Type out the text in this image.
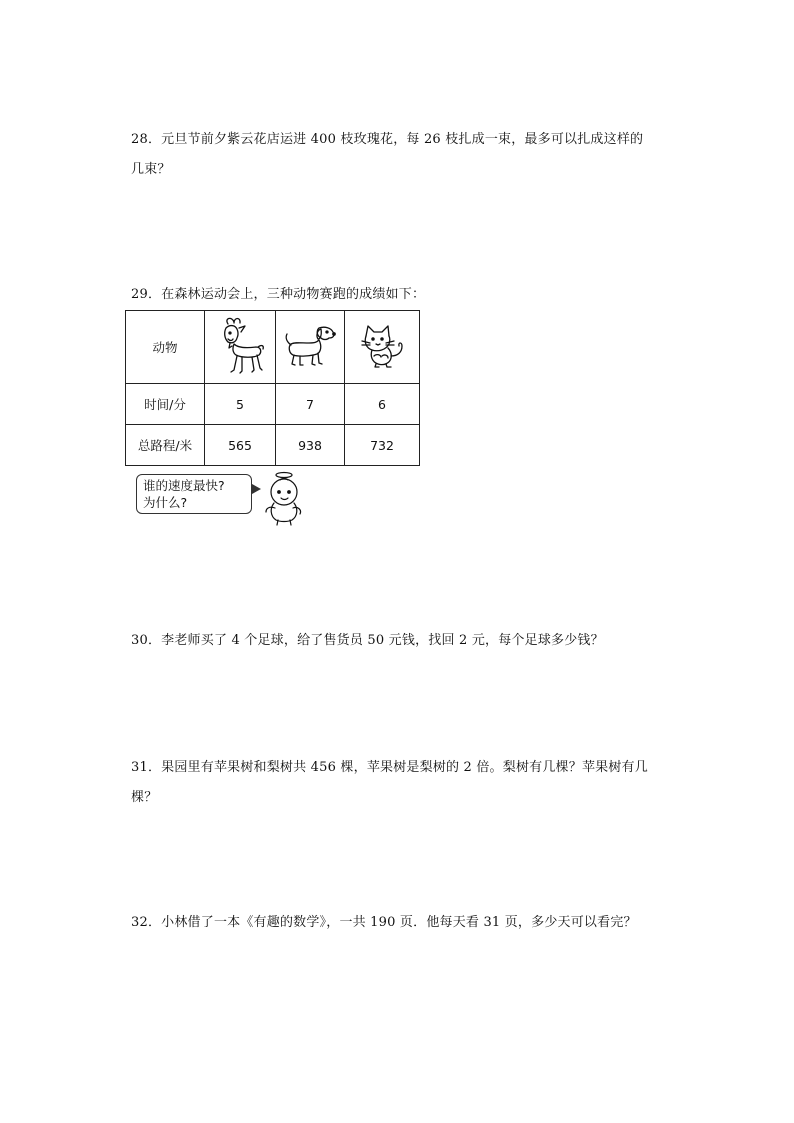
28．元旦节前夕紫云花店运进 400 枝玫瑰花，每 26 枝扎成一束，最多可以扎成这样的
几束？
29．在森林运动会上，三种动物赛跑的成绩如下：
动物			
时间/分	5	7	6
总路程/米	565	938	732
谁的速度最快?
为什么?
30．李老师买了 4 个足球，给了售货员 50 元钱，找回 2 元，每个足球多少钱？
31．果园里有苹果树和梨树共 456 棵，苹果树是梨树的 2 倍。梨树有几棵？苹果树有几
棵？
32．小林借了一本《有趣的数学》，一共 190 页．他每天看 31 页，多少天可以看完？
